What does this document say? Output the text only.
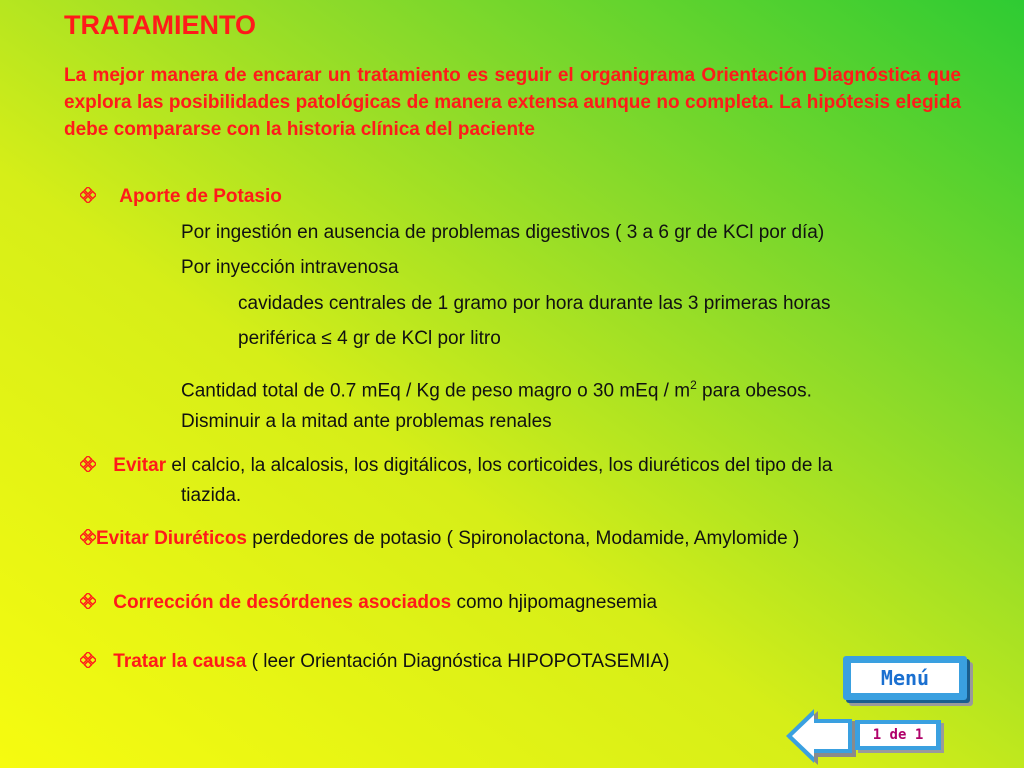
TRATAMIENTO
La mejor manera de encarar un tratamiento es seguir el organigrama Orientación Diagnóstica que explora las posibilidades patológicas de manera extensa aunque no completa. La hipótesis elegida debe compararse con la historia clínica del paciente
Aporte de Potasio
Por ingestión en ausencia de problemas digestivos ( 3 a 6 gr de KCl por día)
Por inyección intravenosa
cavidades centrales de 1 gramo por hora durante las 3 primeras horas
periférica ≤ 4 gr de KCl por litro
Cantidad total de 0.7 mEq / Kg de peso magro o 30 mEq / $m^2$ para obesos.
Disminuir a la mitad ante problemas renales
Evitar el calcio, la alcalosis, los digitálicos, los corticoides, los diuréticos del tipo de la
tiazida.
Evitar Diuréticos perdedores de potasio ( Spironolactona, Modamide, Amylomide )
Corrección de desórdenes asociados como hjipomagnesemia
Tratar la causa ( leer Orientación Diagnóstica HIPOPOTASEMIA)
Menú
1 de 1
